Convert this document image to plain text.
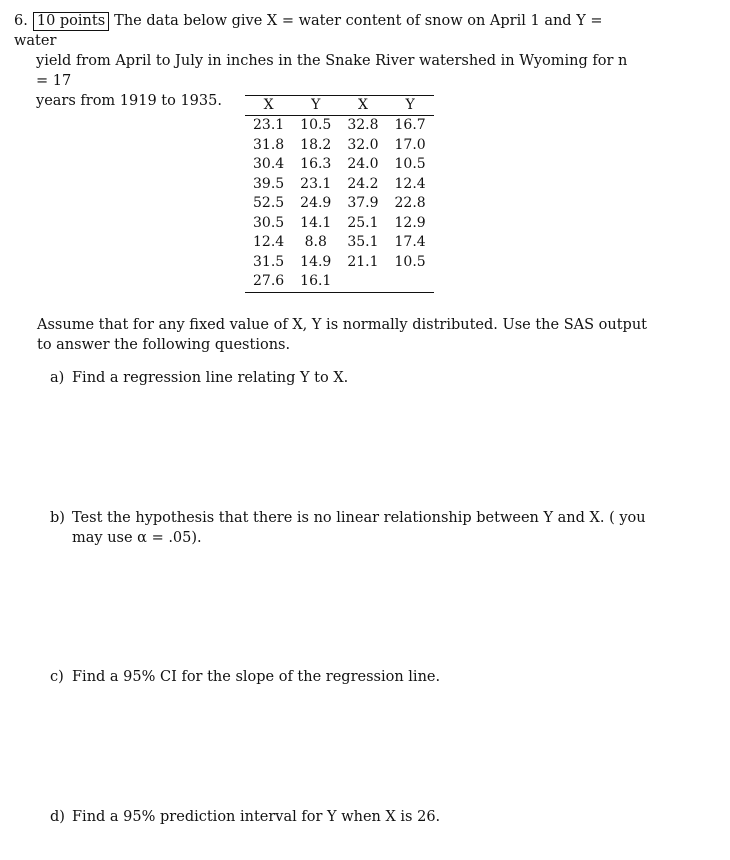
6. 10 points The data below give X = water content of snow on April 1 and Y = water
yield from April to July in inches in the Snake River watershed in Wyoming for n = 17
years from 1919 to 1935.	X	Y	X	Y
23.1	10.5	32.8	16.7
31.8	18.2	32.0	17.0
30.4	16.3	24.0	10.5
39.5	23.1	24.2	12.4
52.5	24.9	37.9	22.8
30.5	14.1	25.1	12.9
12.4	8.8	35.1	17.4
31.5	14.9	21.1	10.5
27.6	16.1		
Assume that for any fixed value of X, Y is normally distributed. Use the SAS output
to answer the following questions.
a) Find a regression line relating Y to X.
b) Test the hypothesis that there is no linear relationship between Y and X. ( you
may use α = .05).
c) Find a 95% CI for the slope of the regression line.
d) Find a 95% prediction interval for Y when X is 26.
